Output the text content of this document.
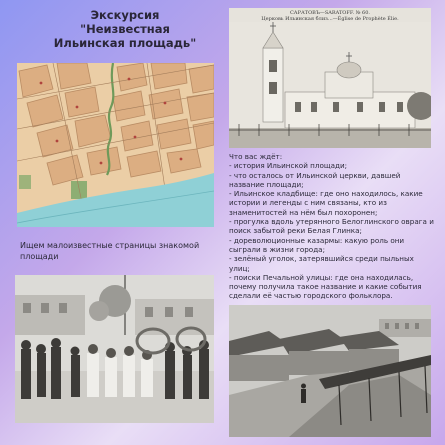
Экскурсия
"Неизвестная
Ильинская площадь"
Ищем малоизвестные страницы знакомой площади
САРАТОВЪ—SARATOFF. № 60.
Церковь Ильинская близ...—Église de Prophète Élie.
Что вас ждёт:
- история Ильинской площади;
- что осталось от Ильинской церкви, давшей название площади;
- Ильинское кладбище: где оно находилось, какие истории и легенды с ним связаны, кто из знаменитостей на нём был похоронен;
- прогулка вдоль утерянного Белоглинского оврага и поиск забытой реки Белая Глинка;
- дореволюционные казармы: какую роль они сыграли в жизни города;
- зелёный уголок, затерявшийся среди пыльных улиц;
- поиски Печальной улицы: где она находилась, почему получила такое название и какие события сделали её частью городского фольклора.
